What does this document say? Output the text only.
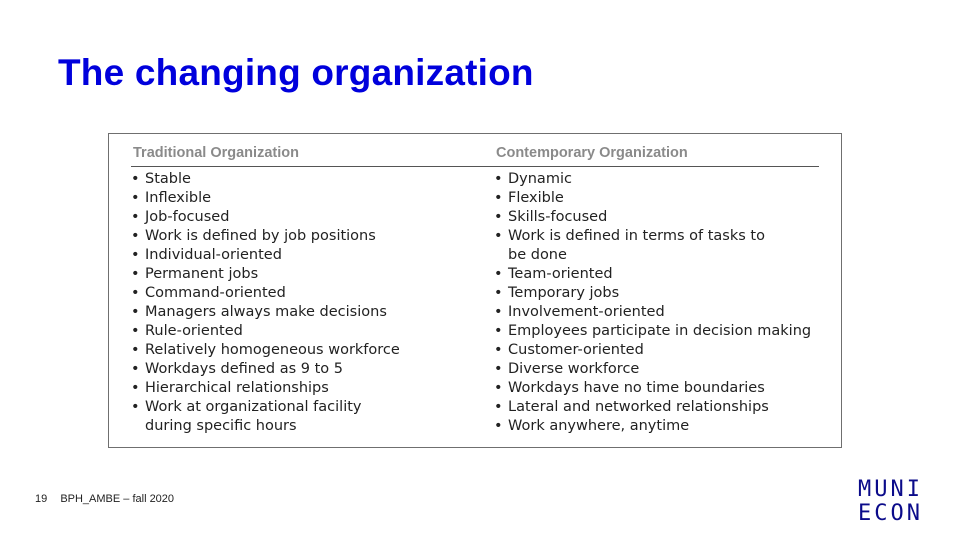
The changing organization
Traditional Organization	Contemporary Organization
• Stable
• Inflexible
• Job-focused
• Work is defined by job positions
• Individual-oriented
• Permanent jobs
• Command-oriented
• Managers always make decisions
• Rule-oriented
• Relatively homogeneous workforce
• Workdays defined as 9 to 5
• Hierarchical relationships
• Work at organizational facility
during specific hours
• Dynamic
• Flexible
• Skills-focused
• Work is defined in terms of tasks to
be done
• Team-oriented
• Temporary jobs
• Involvement-oriented
• Employees participate in decision making
• Customer-oriented
• Diverse workforce
• Workdays have no time boundaries
• Lateral and networked relationships
• Work anywhere, anytime
19 BPH_AMBE – fall 2020	MUNI
ECON
